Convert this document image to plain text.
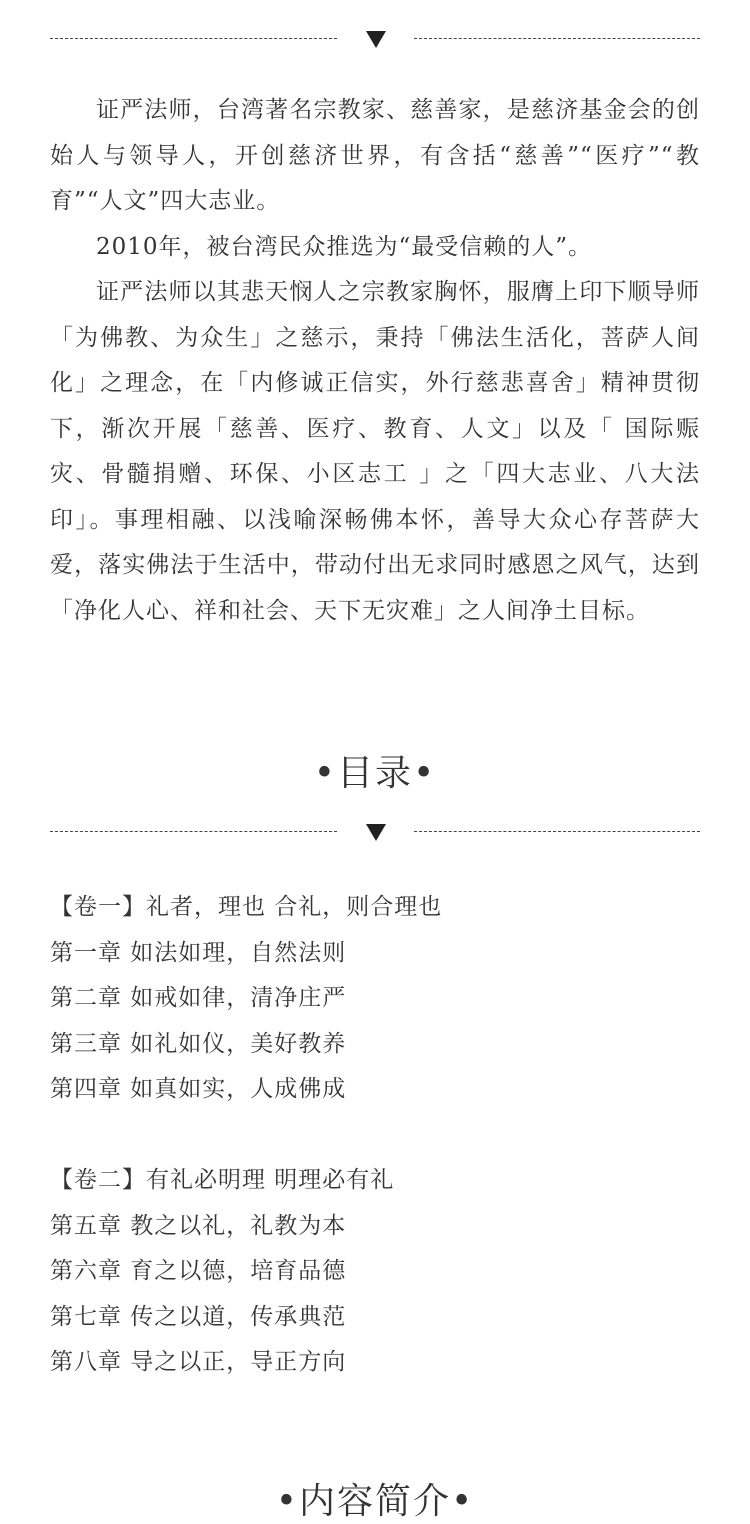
证严法师，台湾著名宗教家、慈善家，是慈济基金会的创始人与领导人，开创慈济世界，有含括“慈善”“医疗”“教育”“人文”四大志业。

2010年，被台湾民众推选为“最受信赖的人”。

证严法师以其悲天悯人之宗教家胸怀，服膺上印下顺导师「为佛教、为众生」之慈示，秉持「佛法生活化，菩萨人间化」之理念，在「内修诚正信实，外行慈悲喜舍」精神贯彻下，渐次开展「慈善、医疗、教育、人文」以及「 国际赈灾、骨髓捐赠、环保、小区志工 」之「四大志业、八大法印」。事理相融、以浅喻深畅佛本怀，善导大众心存菩萨大爱，落实佛法于生活中，带动付出无求同时感恩之风气，达到「净化人心、祥和社会、天下无灾难」之人间净土目标。

•目录•
【卷一】礼者，理也 合礼，则合理也
第一章 如法如理，自然法则
第二章 如戒如律，清净庄严
第三章 如礼如仪，美好教养
第四章 如真如实，人成佛成
【卷二】有礼必明理 明理必有礼
第五章 教之以礼，礼教为本
第六章 育之以德，培育品德
第七章 传之以道，传承典范
第八章 导之以正，导正方向
•内容简介•
